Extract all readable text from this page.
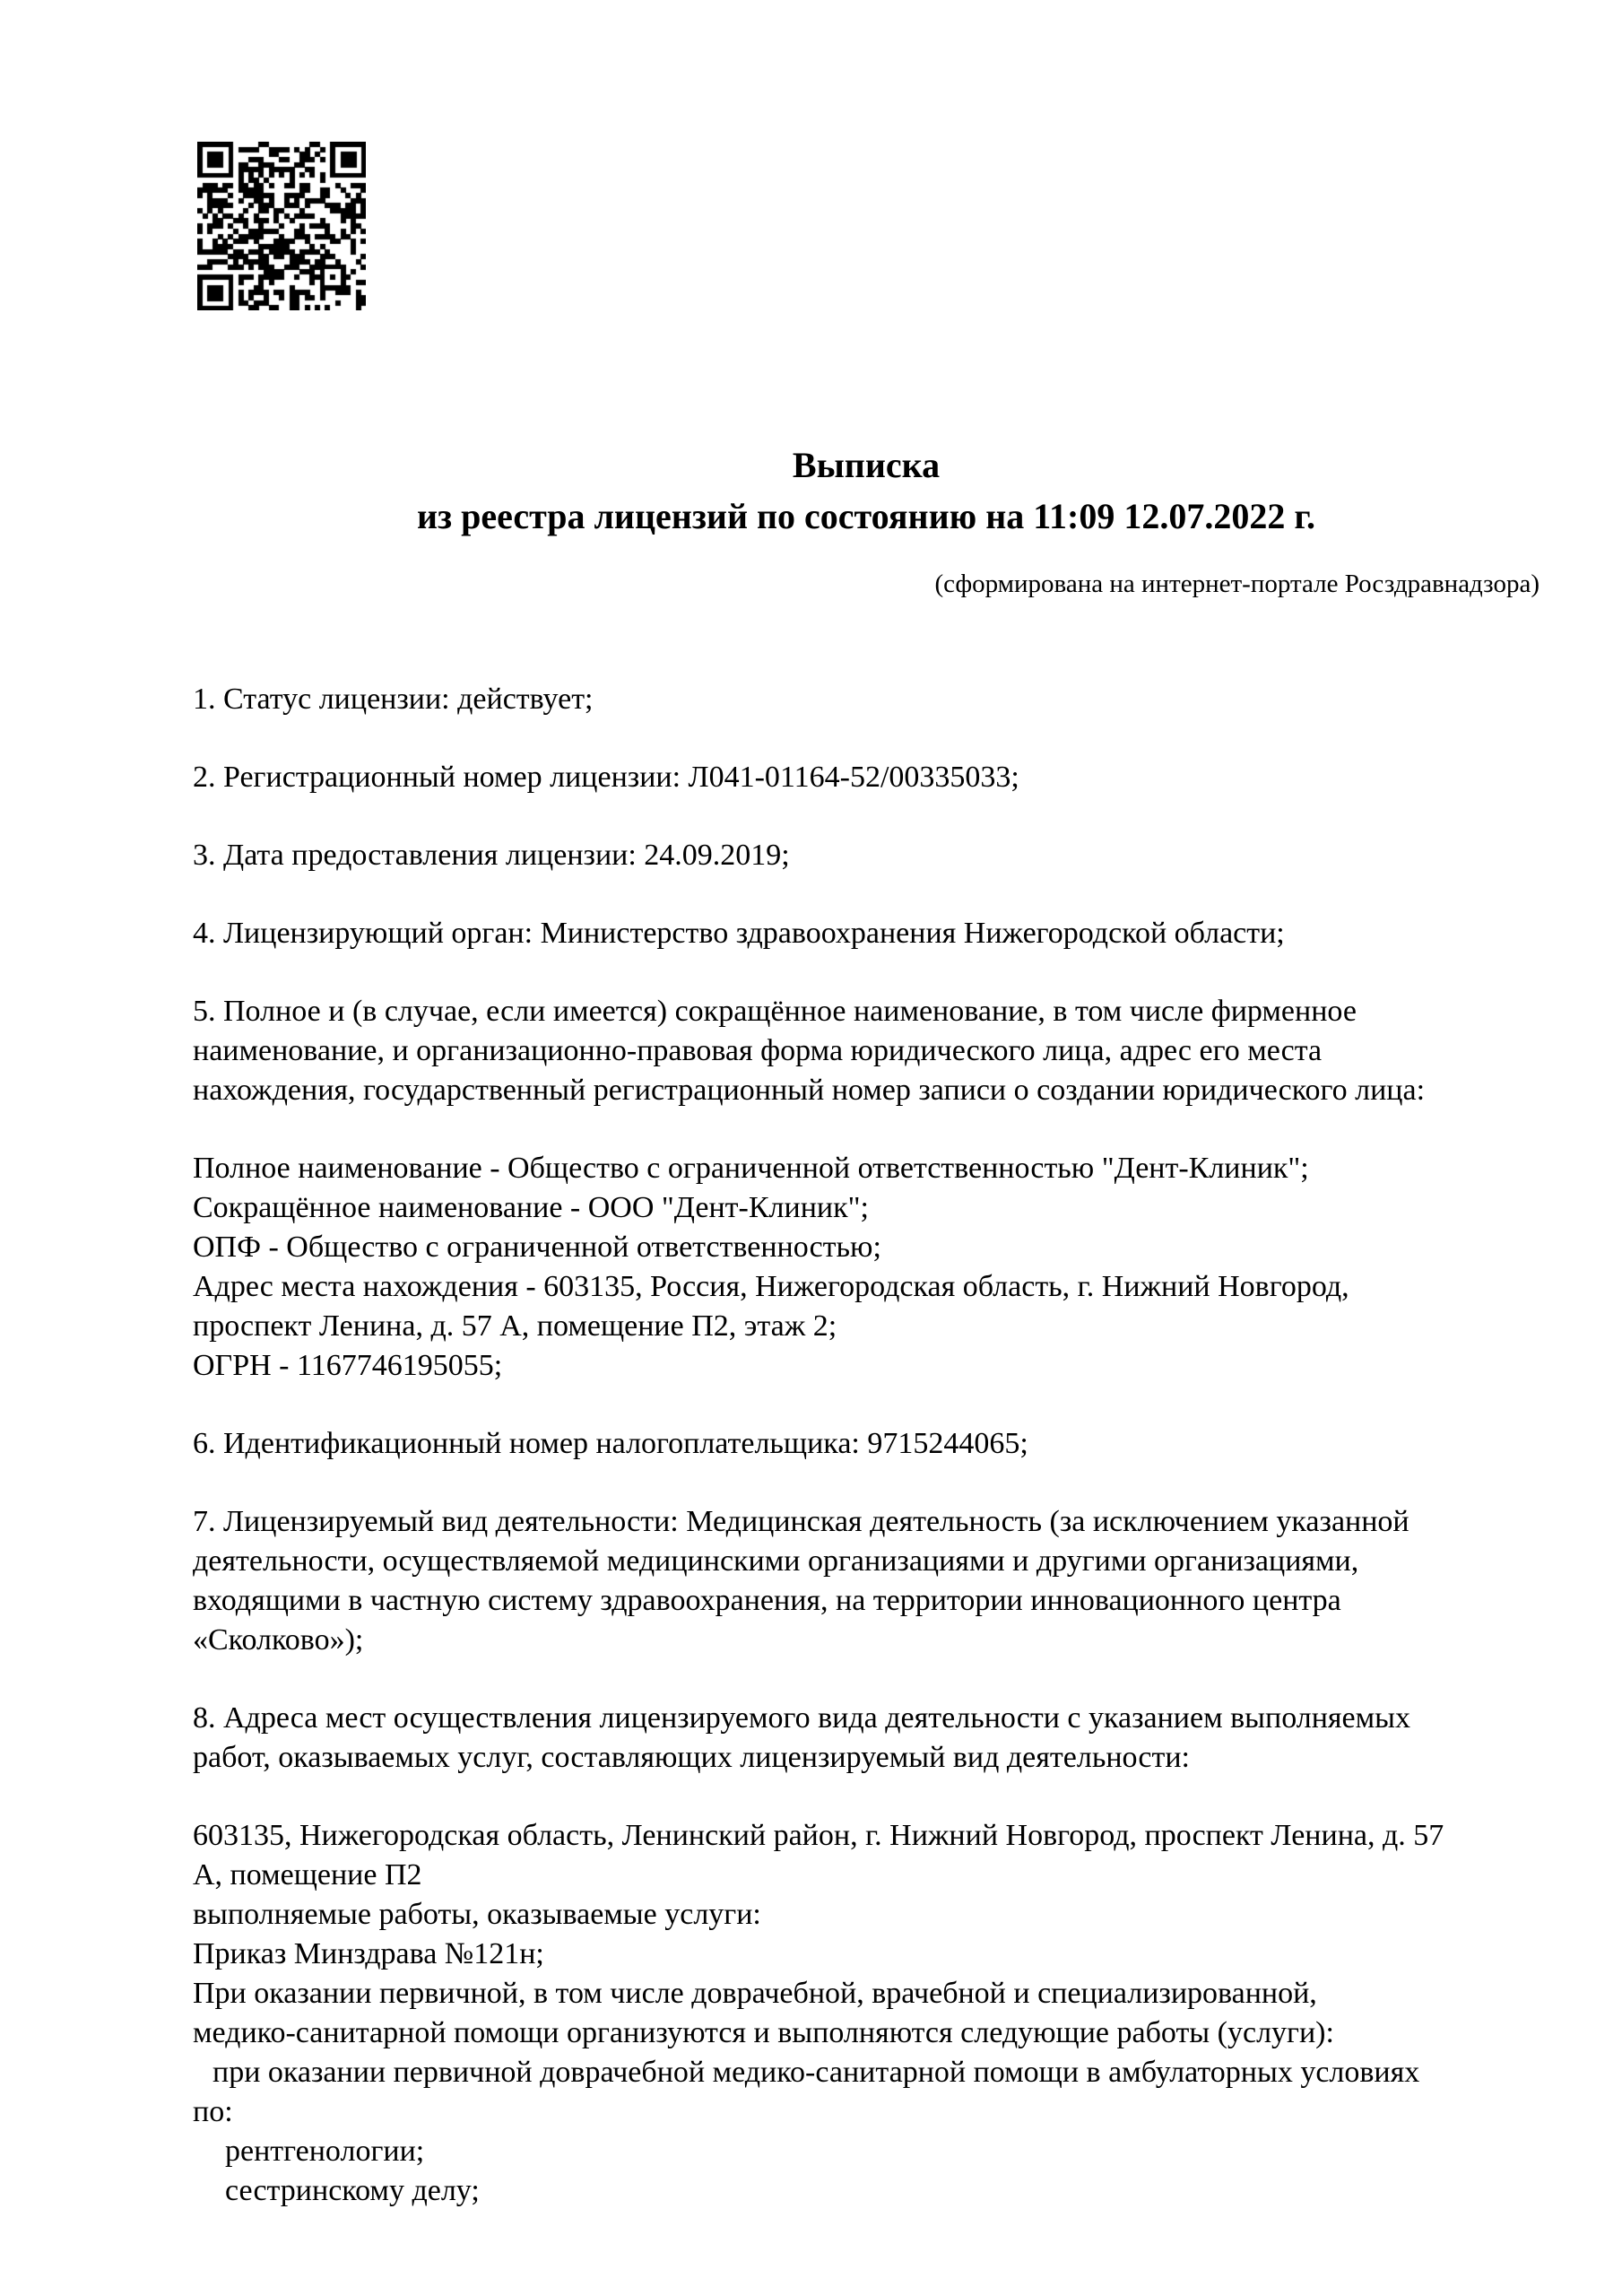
Выписка
из реестра лицензий по состоянию на 11:09 12.07.2022 г.
(сформирована на интернет-портале Росздравнадзора)
1. Статус лицензии: действует;
2. Регистрационный номер лицензии: Л041-01164-52/00335033;
3. Дата предоставления лицензии: 24.09.2019;
4. Лицензирующий орган: Министерство здравоохранения Нижегородской области;
5. Полное и (в случае, если имеется) сокращённое наименование, в том числе фирменное
наименование, и организационно-правовая форма юридического лица, адрес его места
нахождения, государственный регистрационный номер записи о создании юридического лица:
Полное наименование - Общество с ограниченной ответственностью "Дент-Клиник";
Сокращённое наименование - ООО "Дент-Клиник";
ОПФ - Общество с ограниченной ответственностью;
Адрес места нахождения - 603135, Россия, Нижегородская область, г. Нижний Новгород,
проспект Ленина, д. 57 А, помещение П2, этаж 2;
ОГРН - 1167746195055;
6. Идентификационный номер налогоплательщика: 9715244065;
7. Лицензируемый вид деятельности: Медицинская деятельность (за исключением указанной
деятельности, осуществляемой медицинскими организациями и другими организациями,
входящими в частную систему здравоохранения, на территории инновационного центра
«Сколково»);
8. Адреса мест осуществления лицензируемого вида деятельности с указанием выполняемых
работ, оказываемых услуг, составляющих лицензируемый вид деятельности:
603135, Нижегородская область, Ленинский район, г. Нижний Новгород, проспект Ленина, д. 57
А, помещение П2
выполняемые работы, оказываемые услуги:
Приказ Минздрава №121н;
При оказании первичной, в том числе доврачебной, врачебной и специализированной,
медико-санитарной помощи организуются и выполняются следующие работы (услуги):
при оказании первичной доврачебной медико-санитарной помощи в амбулаторных условиях
по:
рентгенологии;
сестринскому делу;
